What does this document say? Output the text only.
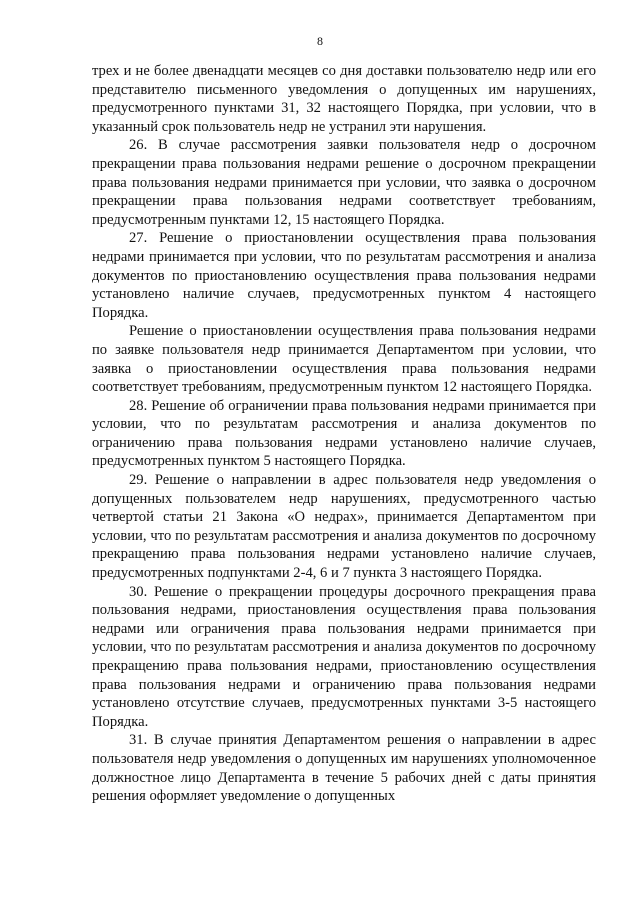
8

трех и не более двенадцати месяцев со дня доставки пользователю недр или его представителю письменного уведомления о допущенных им нарушениях, предусмотренного пунктами 31, 32 настоящего Порядка, при условии, что в указанный срок пользователь недр не устранил эти нарушения.

26. В случае рассмотрения заявки пользователя недр о досрочном прекращении права пользования недрами решение о досрочном прекращении права пользования недрами принимается при условии, что заявка о досрочном прекращении права пользования недрами соответствует требованиям, предусмотренным пунктами 12, 15 настоящего Порядка.

27. Решение о приостановлении осуществления права пользования недрами принимается при условии, что по результатам рассмотрения и анализа документов по приостановлению осуществления права пользования недрами установлено наличие случаев, предусмотренных пунктом 4 настоящего Порядка.

Решение о приостановлении осуществления права пользования недрами по заявке пользователя недр принимается Департаментом при условии, что заявка о приостановлении осуществления права пользования недрами соответствует требованиям, предусмотренным пунктом 12 настоящего Порядка.

28. Решение об ограничении права пользования недрами принимается при условии, что по результатам рассмотрения и анализа документов по ограничению права пользования недрами установлено наличие случаев, предусмотренных пунктом 5 настоящего Порядка.

29. Решение о направлении в адрес пользователя недр уведомления о допущенных пользователем недр нарушениях, предусмотренного частью четвертой статьи 21 Закона «О недрах», принимается Департаментом при условии, что по результатам рассмотрения и анализа документов по досрочному прекращению права пользования недрами установлено наличие случаев, предусмотренных подпунктами 2-4, 6 и 7 пункта 3 настоящего Порядка.

30. Решение о прекращении процедуры досрочного прекращения права пользования недрами, приостановления осуществления права пользования недрами или ограничения права пользования недрами принимается при условии, что по результатам рассмотрения и анализа документов по досрочному прекращению права пользования недрами, приостановлению осуществления права пользования недрами и ограничению права пользования недрами установлено отсутствие случаев, предусмотренных пунктами 3-5 настоящего Порядка.

31. В случае принятия Департаментом решения о направлении в адрес пользователя недр уведомления о допущенных им нарушениях уполномоченное должностное лицо Департамента в течение 5 рабочих дней с даты принятия решения оформляет уведомление о допущенных
